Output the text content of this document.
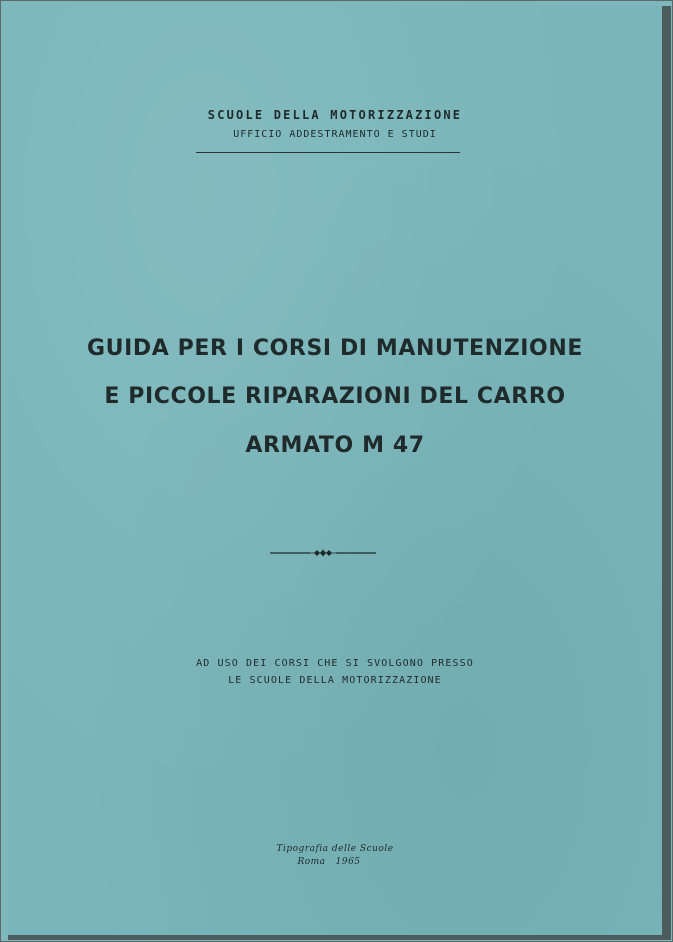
SCUOLE DELLA MOTORIZZAZIONE
UFFICIO ADDESTRAMENTO E STUDI
GUIDA PER I CORSI DI MANUTENZIONE
E PICCOLE RIPARAZIONI DEL CARRO
ARMATO M 47
AD USO DEI CORSI CHE SI SVOLGONO PRESSO
LE SCUOLE DELLA MOTORIZZAZIONE
Tipografia delle Scuole
Roma   1965
